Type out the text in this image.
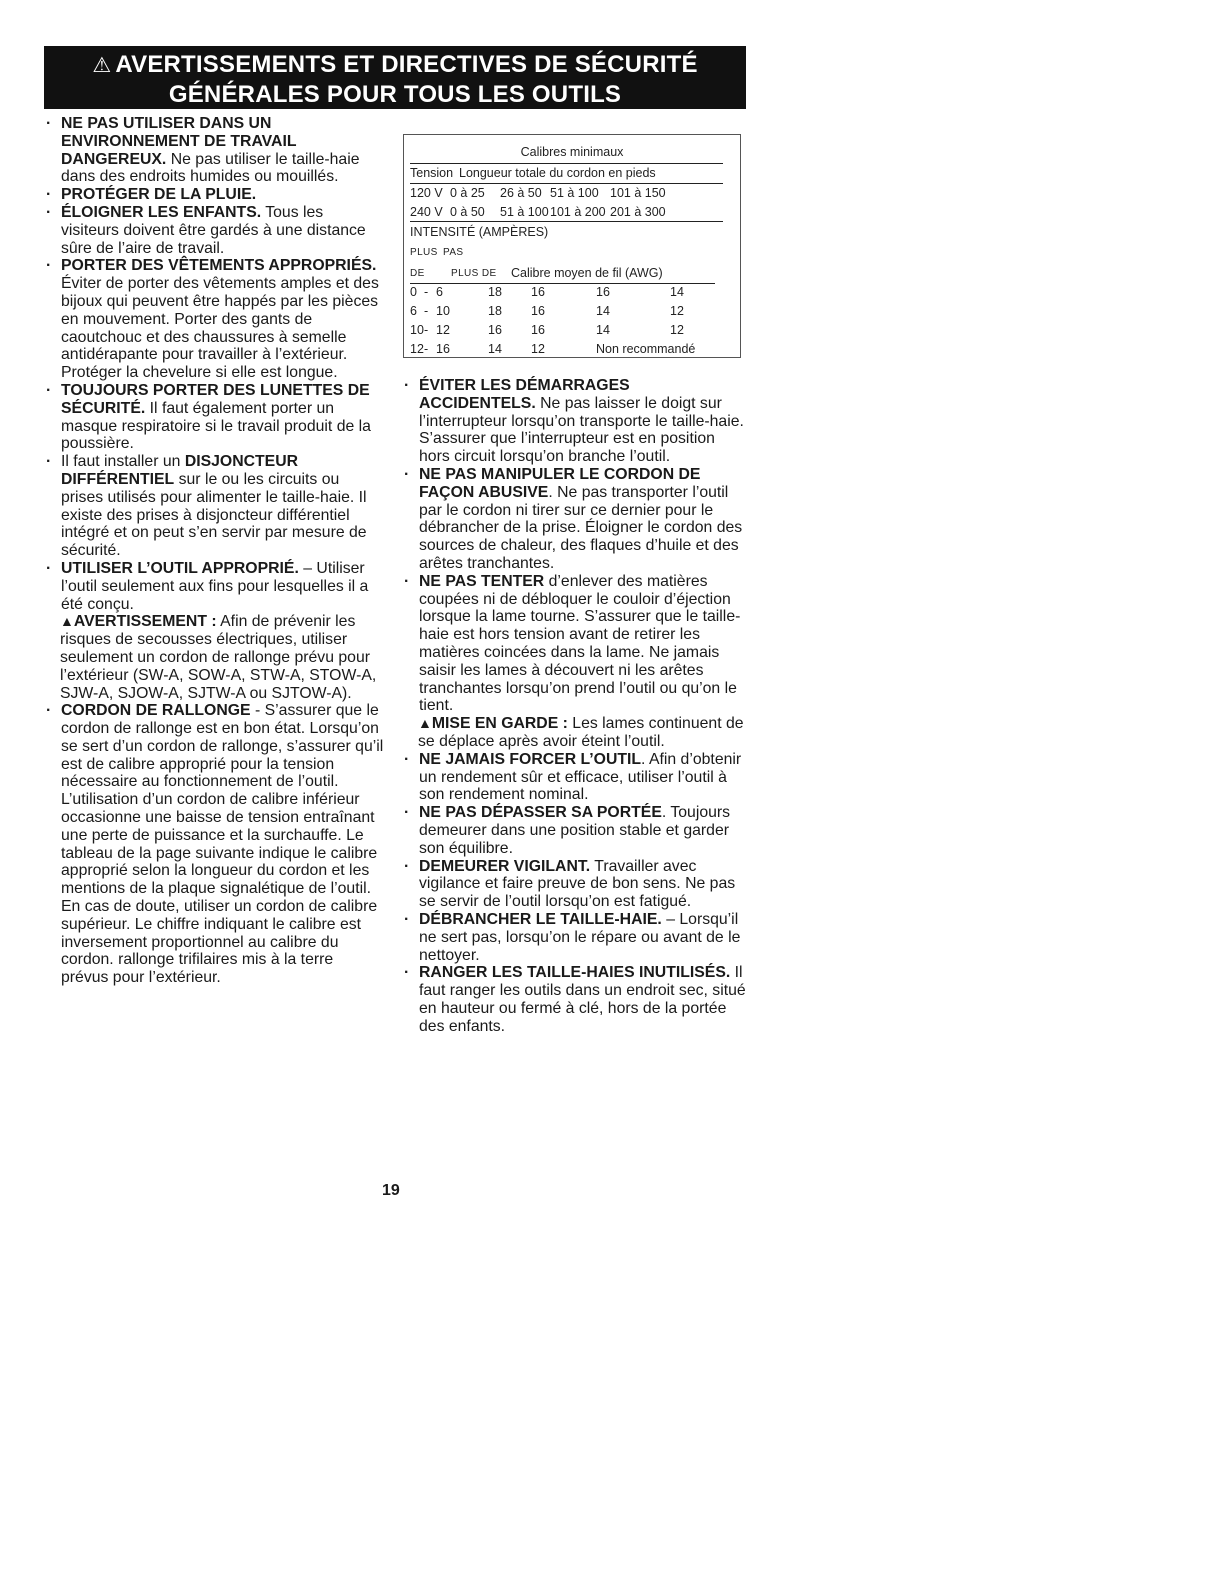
⚠ AVERTISSEMENTS ET DIRECTIVES DE SÉCURITÉ
GÉNÉRALES POUR TOUS LES OUTILS
· NE PAS UTILISER DANS UN ENVIRONNEMENT DE TRAVAIL DANGEREUX. Ne pas utiliser le taille-haie dans des endroits humides ou mouillés.
· PROTÉGER DE LA PLUIE.
· ÉLOIGNER LES ENFANTS. Tous les visiteurs doivent être gardés à une distance sûre de l’aire de travail.
· PORTER DES VÊTEMENTS APPROPRIÉS. Éviter de porter des vêtements amples et des bijoux qui peuvent être happés par les pièces en mouvement. Porter des gants de caoutchouc et des chaussures à semelle antidérapante pour travailler à l’extérieur. Protéger la chevelure si elle est longue.
· TOUJOURS PORTER DES LUNETTES DE SÉCURITÉ. Il faut également porter un masque respiratoire si le travail produit de la poussière.
· Il faut installer un DISJONCTEUR DIFFÉRENTIEL sur le ou les circuits ou prises utilisés pour alimenter le taille-haie. Il existe des prises à disjoncteur différentiel intégré et on peut s’en servir par mesure de sécurité.
· UTILISER L’OUTIL APPROPRIÉ. – Utiliser l’outil seulement aux fins pour lesquelles il a été conçu.
▲AVERTISSEMENT : Afin de prévenir les risques de secousses électriques, utiliser seulement un cordon de rallonge prévu pour l’extérieur (SW-A, SOW-A, STW-A, STOW-A, SJW-A, SJOW-A, SJTW-A ou SJTOW-A).
· CORDON DE RALLONGE - S’assurer que le cordon de rallonge est en bon état. Lorsqu’on se sert d’un cordon de rallonge, s’assurer qu’il est de calibre approprié pour la tension nécessaire au fonctionnement de l’outil. L’utilisation d’un cordon de calibre inférieur occasionne une baisse de tension entraînant une perte de puissance et la surchauffe. Le tableau de la page suivante indique le calibre approprié selon la longueur du cordon et les mentions de la plaque signalétique de l’outil. En cas de doute, utiliser un cordon de calibre supérieur. Le chiffre indiquant le calibre est inversement proportionnel au calibre du cordon. rallonge trifilaires mis à la terre prévus pour l’extérieur.
· ÉVITER LES DÉMARRAGES ACCIDENTELS. Ne pas laisser le doigt sur l’interrupteur lorsqu’on transporte le taille-haie. S’assurer que l’interrupteur est en position hors circuit lorsqu’on branche l’outil.
· NE PAS MANIPULER LE CORDON DE FAÇON ABUSIVE. Ne pas transporter l’outil par le cordon ni tirer sur ce dernier pour le débrancher de la prise. Éloigner le cordon des sources de chaleur, des flaques d’huile et des arêtes tranchantes.
· NE PAS TENTER d’enlever des matières coupées ni de débloquer le couloir d’éjection lorsque la lame tourne. S’assurer que le taille-haie est hors tension avant de retirer les matières coincées dans la lame. Ne jamais saisir les lames à découvert ni les arêtes tranchantes lorsqu’on prend l’outil ou qu’on le tient.
▲MISE EN GARDE : Les lames continuent de se déplace après avoir éteint l’outil.
· NE JAMAIS FORCER L’OUTIL. Afin d’obtenir un rendement sûr et efficace, utiliser l’outil à son rendement nominal.
· NE PAS DÉPASSER SA PORTÉE. Toujours demeurer dans une position stable et garder son équilibre.
· DEMEURER VIGILANT. Travailler avec vigilance et faire preuve de bon sens. Ne pas se servir de l’outil lorsqu’on est fatigué.
· DÉBRANCHER LE TAILLE-HAIE. – Lorsqu’il ne sert pas, lorsqu’on le répare ou avant de le nettoyer.
· RANGER LES TAILLE-HAIES INUTILISÉS. Il faut ranger les outils dans un endroit sec, situé en hauteur ou fermé à clé, hors de la portée des enfants.
Calibres minimaux
Tension Longueur totale du cordon en pieds
120 V 0 à 25 26 à 50 51 à 100 101 à 150
240 V 0 à 50 51 à 100 101 à 200 201 à 300
INTENSITÉ (AMPÈRES)
PLUS PAS
DE	PLUS DE Calibre moyen de fil (AWG)
0 - 6	18 16	16	14
6 - 10	18 16	14	12
10 - 12	16 16	14	12
12 - 16	14 12	Non recommandé
19
